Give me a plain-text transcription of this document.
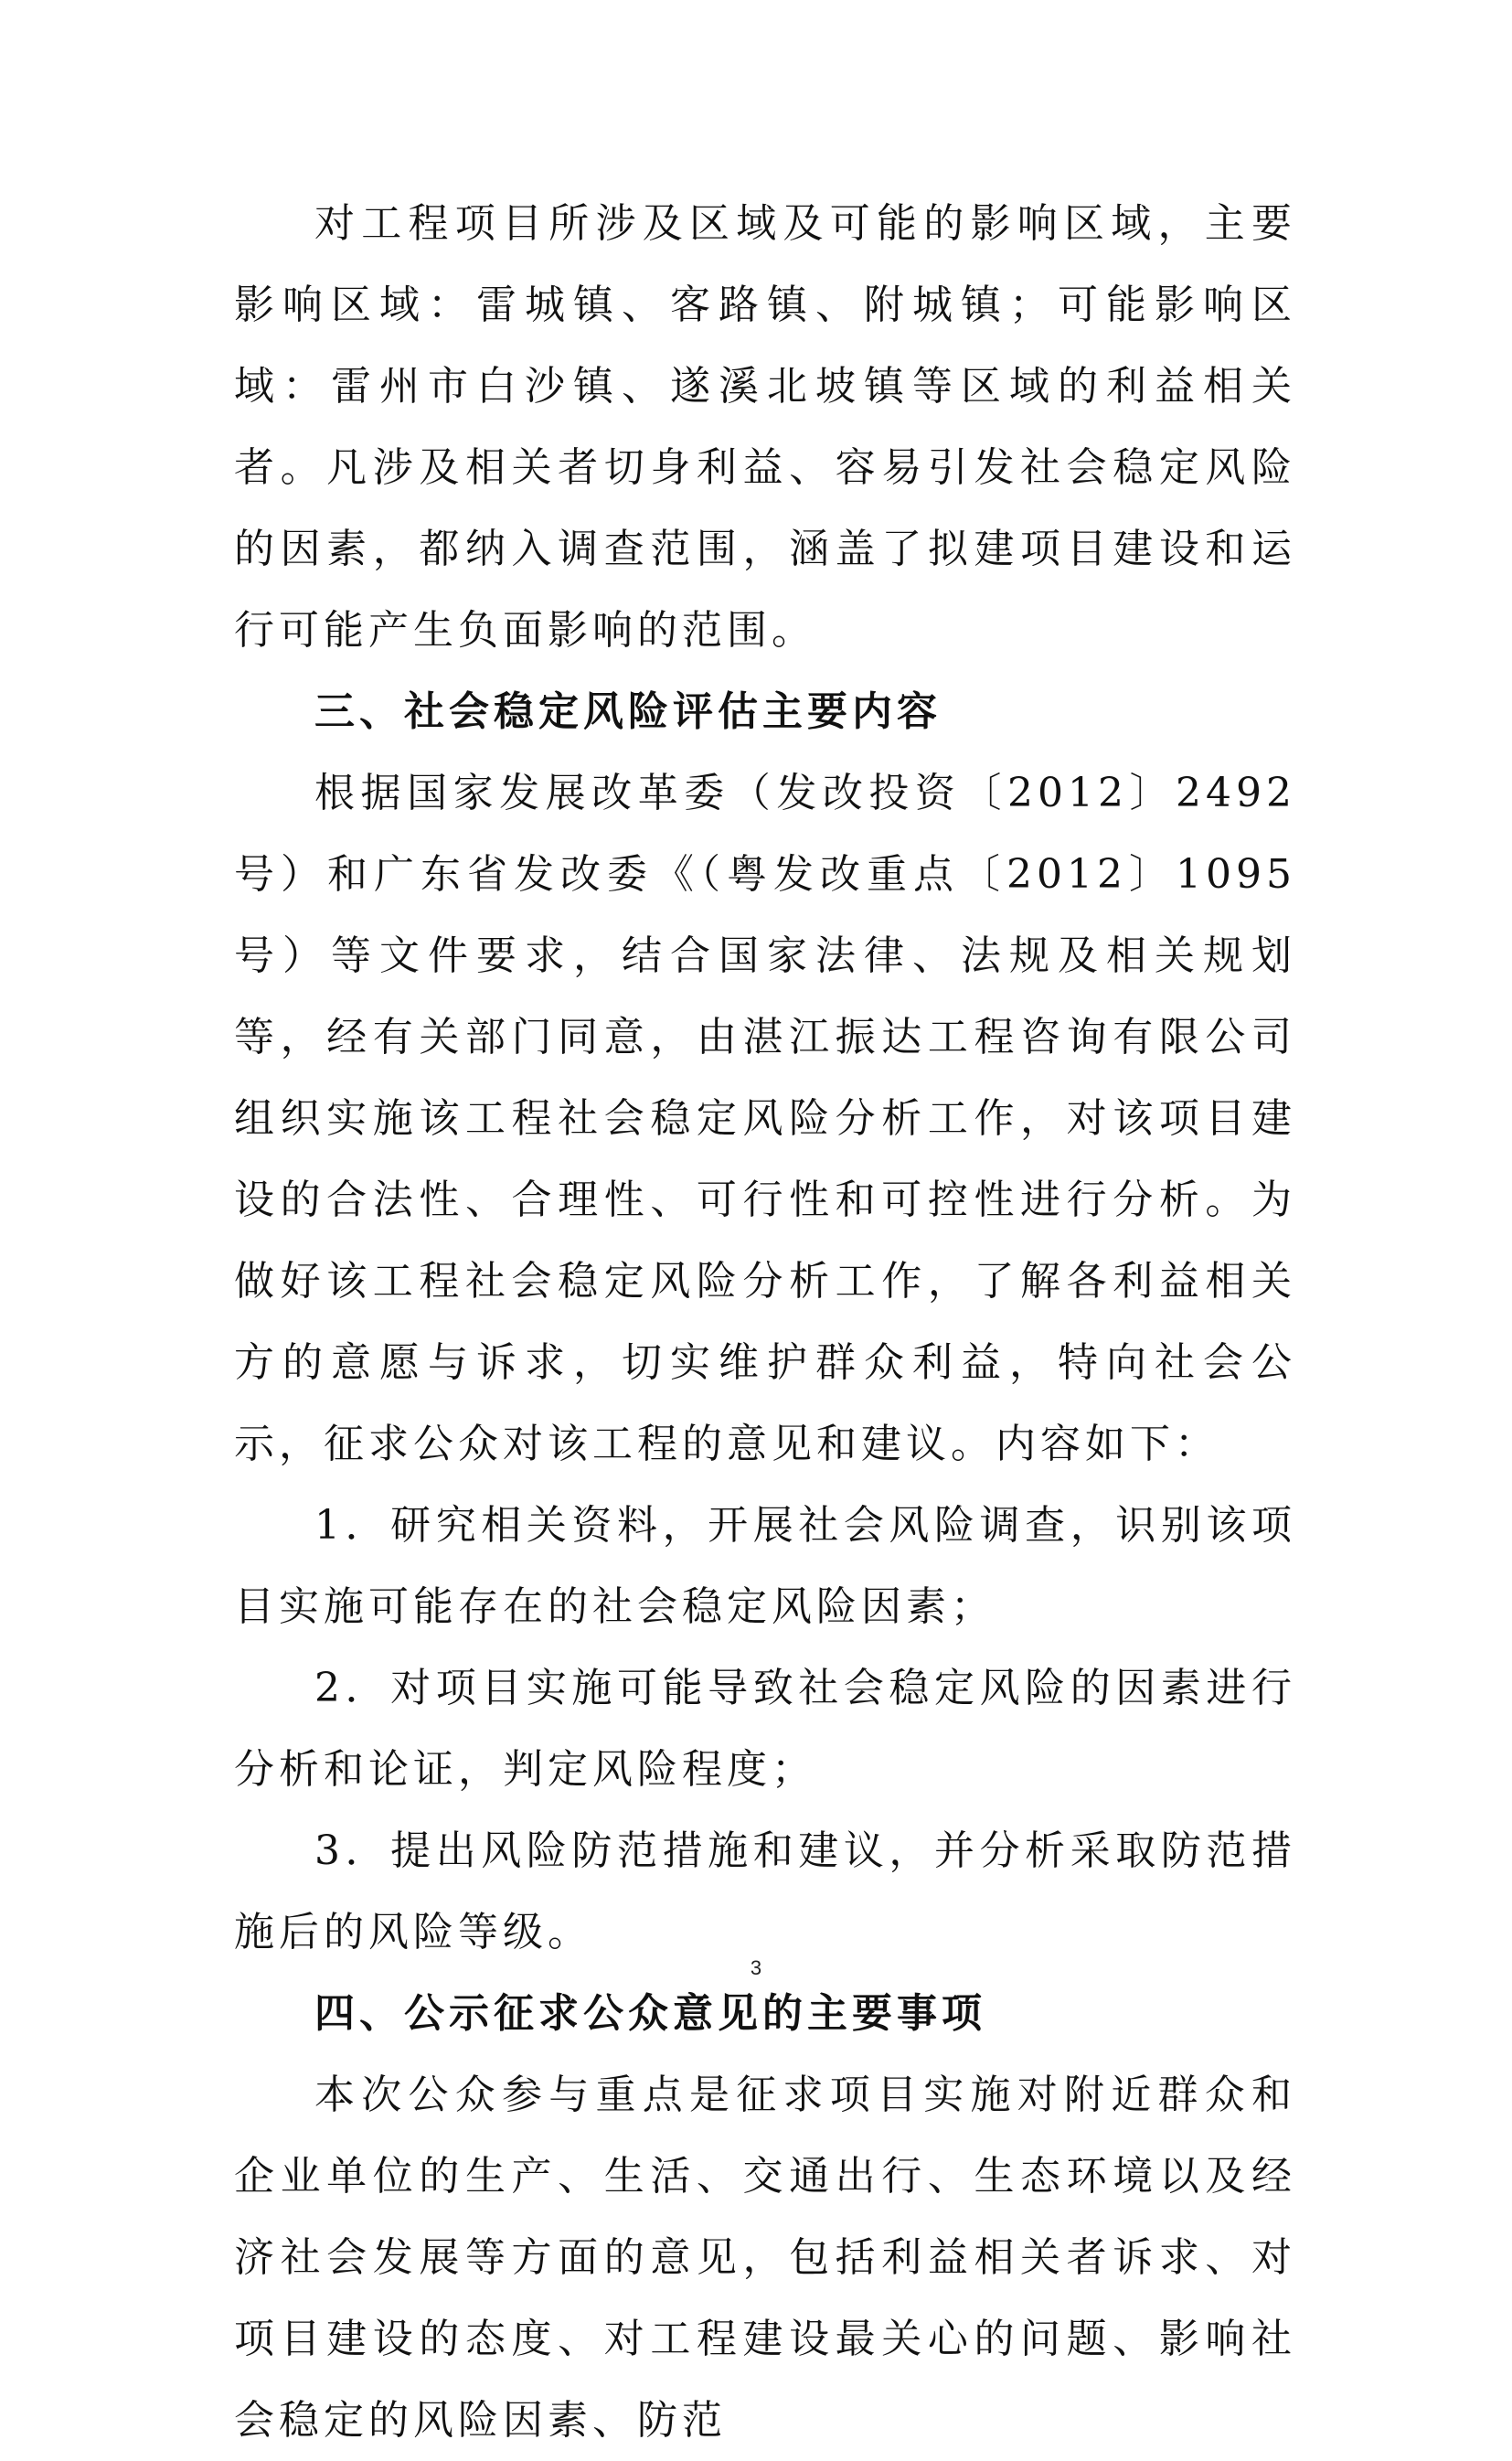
对工程项目所涉及区域及可能的影响区域，主要影响区域：雷城镇、客路镇、附城镇；可能影响区域：雷州市白沙镇、遂溪北坡镇等区域的利益相关者。凡涉及相关者切身利益、容易引发社会稳定风险的因素，都纳入调查范围，涵盖了拟建项目建设和运行可能产生负面影响的范围。

三、社会稳定风险评估主要内容

根据国家发展改革委（发改投资〔2012〕2492号）和广东省发改委《（粤发改重点〔2012〕1095号）等文件要求，结合国家法律、法规及相关规划等，经有关部门同意，由湛江振达工程咨询有限公司组织实施该工程社会稳定风险分析工作，对该项目建设的合法性、合理性、可行性和可控性进行分析。为做好该工程社会稳定风险分析工作，了解各利益相关方的意愿与诉求，切实维护群众利益，特向社会公示，征求公众对该工程的意见和建议。内容如下：

1．研究相关资料，开展社会风险调查，识别该项目实施可能存在的社会稳定风险因素；

2．对项目实施可能导致社会稳定风险的因素进行分析和论证，判定风险程度；

3．提出风险防范措施和建议，并分析采取防范措施后的风险等级。

四、公示征求公众意见的主要事项

本次公众参与重点是征求项目实施对附近群众和企业单位的生产、生活、交通出行、生态环境以及经济社会发展等方面的意见，包括利益相关者诉求、对项目建设的态度、对工程建设最关心的问题、影响社会稳定的风险因素、防范

3
